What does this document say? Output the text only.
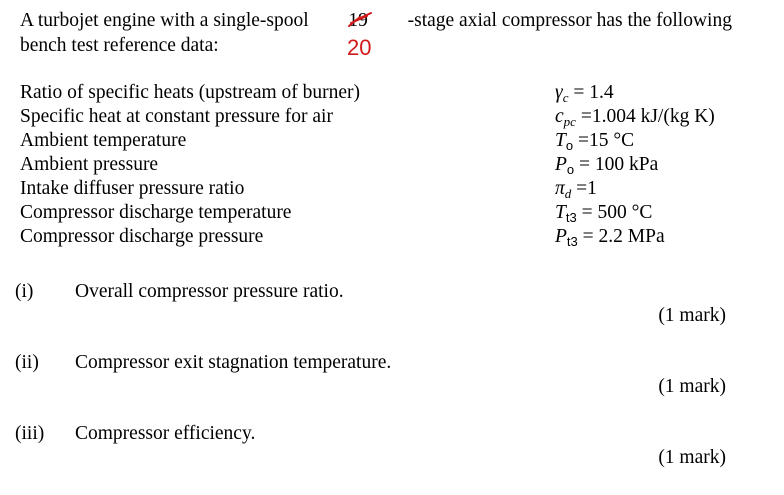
A turbojet engine with a single-spool 19 -stage axial compressor has the following
bench test reference data:	20
Ratio of specific heats (upstream of burner)	$\gamma_c = 1.4$
Specific heat at constant pressure for air	$c_{pc} =1.004$ kJ/(kg K)
Ambient temperature	$T_o =15$ °C
Ambient pressure	$P_o = 100$ kPa
Intake diffuser pressure ratio	$\pi_d =1$
Compressor discharge temperature	$T_{t3} = 500$ °C
Compressor discharge pressure	$P_{t3} = 2.2$ MPa
(i) Overall compressor pressure ratio.
(1 mark)
(ii) Compressor exit stagnation temperature.
(1 mark)
(iii) Compressor efficiency.
(1 mark)
